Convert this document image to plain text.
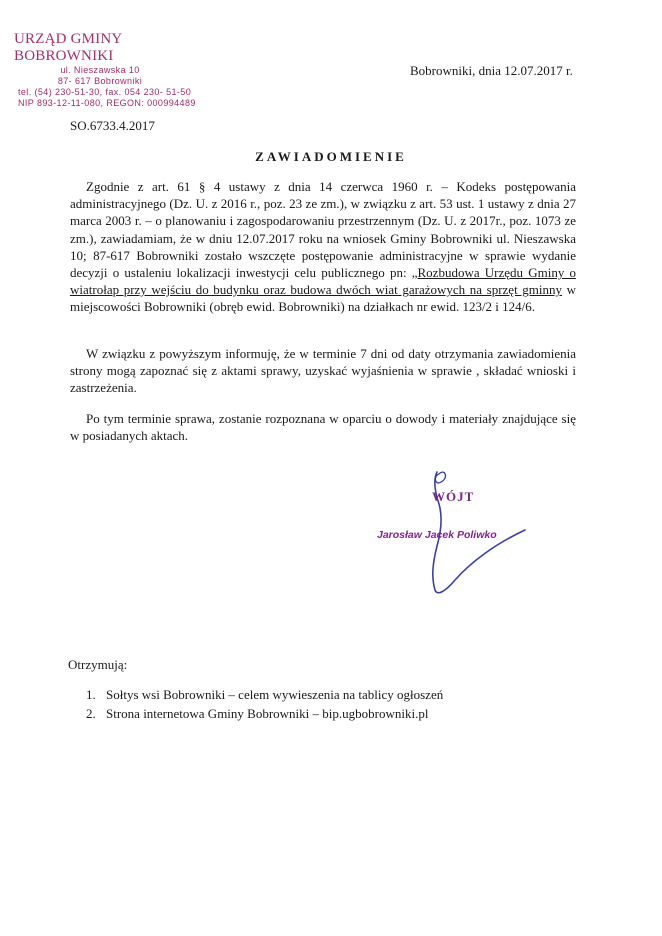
URZĄD GMINY BOBROWNIKI
ul. Nieszawska 10
87- 617 Bobrowniki
tel. (54) 230-51-30, fax. 054 230- 51-50
NIP 893-12-11-080, REGON: 000994489
Bobrowniki, dnia 12.07.2017 r.
SO.6733.4.2017
ZAWIADOMIENIE
Zgodnie z art. 61 § 4 ustawy z dnia 14 czerwca 1960 r. – Kodeks postępowania administracyjnego (Dz. U. z 2016 r., poz. 23 ze zm.), w związku z art. 53 ust. 1 ustawy z dnia 27 marca 2003 r. – o planowaniu i zagospodarowaniu przestrzennym (Dz. U. z 2017r., poz. 1073 ze zm.), zawiadamiam, że w dniu 12.07.2017 roku na wniosek Gminy Bobrowniki ul. Nieszawska 10; 87-617 Bobrowniki zostało wszczęte postępowanie administracyjne w sprawie wydanie decyzji o ustaleniu lokalizacji inwestycji celu publicznego pn: „Rozbudowa Urzędu Gminy o wiatrołap przy wejściu do budynku oraz budowa dwóch wiat garażowych na sprzęt gminny w miejscowości Bobrowniki (obręb ewid. Bobrowniki) na działkach nr ewid. 123/2 i 124/6.
W związku z powyższym informuję, że w terminie 7 dni od daty otrzymania zawiadomienia strony mogą zapoznać się z aktami sprawy, uzyskać wyjaśnienia w sprawie , składać wnioski i zastrzeżenia.
Po tym terminie sprawa, zostanie rozpoznana w oparciu o dowody i materiały znajdujące się w posiadanych aktach.
WÓJT
Jarosław Jacek Poliwko
Otrzymują:
1. Sołtys wsi Bobrowniki – celem wywieszenia na tablicy ogłoszeń
2. Strona internetowa Gminy Bobrowniki – bip.ugbobrowniki.pl
